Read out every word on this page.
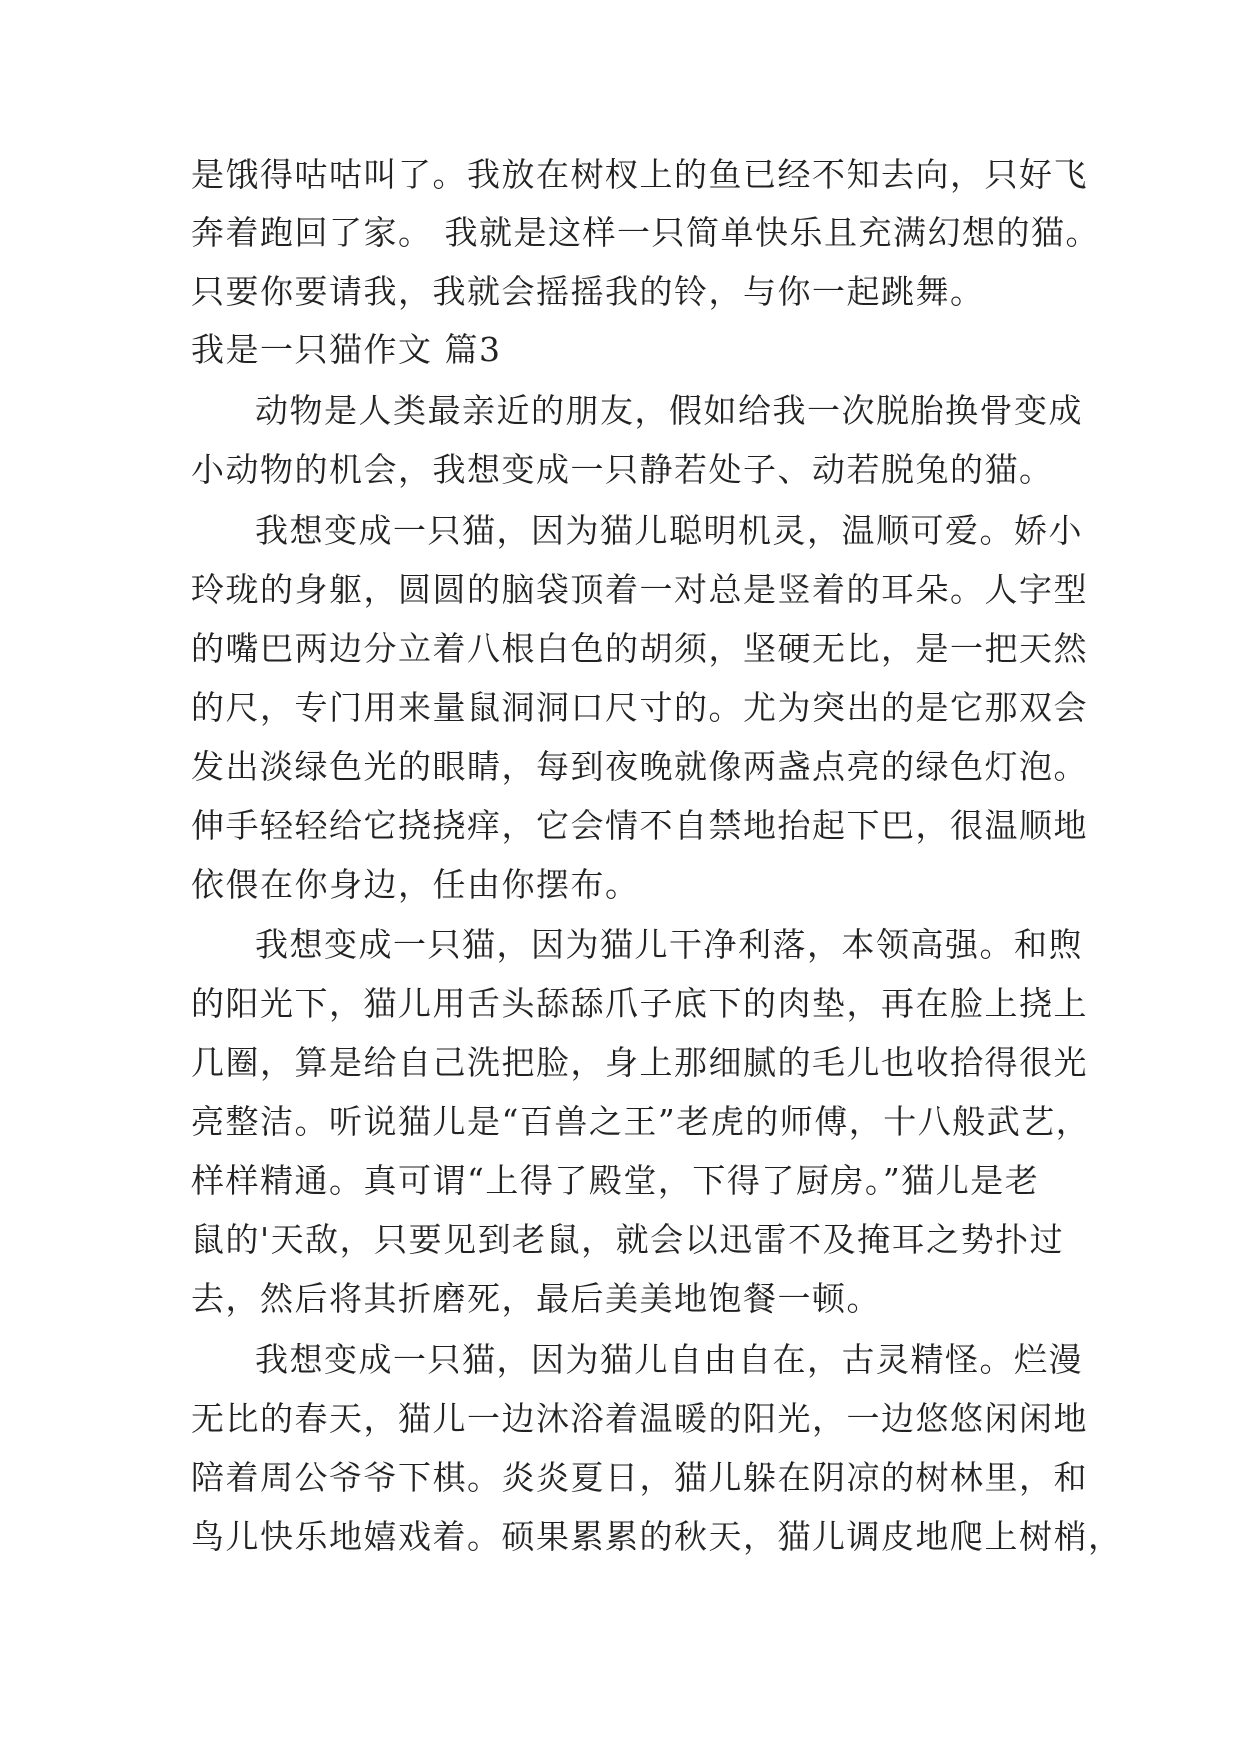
是饿得咕咕叫了。我放在树杈上的鱼已经不知去向，只好飞
奔着跑回了家。 我就是这样一只简单快乐且充满幻想的猫。
只要你要请我，我就会摇摇我的铃，与你一起跳舞。
我是一只猫作文 篇3
动物是人类最亲近的朋友，假如给我一次脱胎换骨变成
小动物的机会，我想变成一只静若处子、动若脱兔的猫。
我想变成一只猫，因为猫儿聪明机灵，温顺可爱。娇小
玲珑的身躯，圆圆的脑袋顶着一对总是竖着的耳朵。人字型
的嘴巴两边分立着八根白色的胡须，坚硬无比，是一把天然
的尺，专门用来量鼠洞洞口尺寸的。尤为突出的是它那双会
发出淡绿色光的眼睛，每到夜晚就像两盏点亮的绿色灯泡。
伸手轻轻给它挠挠痒，它会情不自禁地抬起下巴，很温顺地
依偎在你身边，任由你摆布。
我想变成一只猫，因为猫儿干净利落，本领高强。和煦
的阳光下，猫儿用舌头舔舔爪子底下的肉垫，再在脸上挠上
几圈，算是给自己洗把脸，身上那细腻的毛儿也收拾得很光
亮整洁。听说猫儿是“百兽之王”老虎的师傅，十八般武艺，
样样精通。真可谓“上得了殿堂，下得了厨房。”猫儿是老
鼠的'天敌，只要见到老鼠，就会以迅雷不及掩耳之势扑过
去，然后将其折磨死，最后美美地饱餐一顿。
我想变成一只猫，因为猫儿自由自在，古灵精怪。烂漫
无比的春天，猫儿一边沐浴着温暖的阳光，一边悠悠闲闲地
陪着周公爷爷下棋。炎炎夏日，猫儿躲在阴凉的树林里，和
鸟儿快乐地嬉戏着。硕果累累的秋天，猫儿调皮地爬上树梢，
